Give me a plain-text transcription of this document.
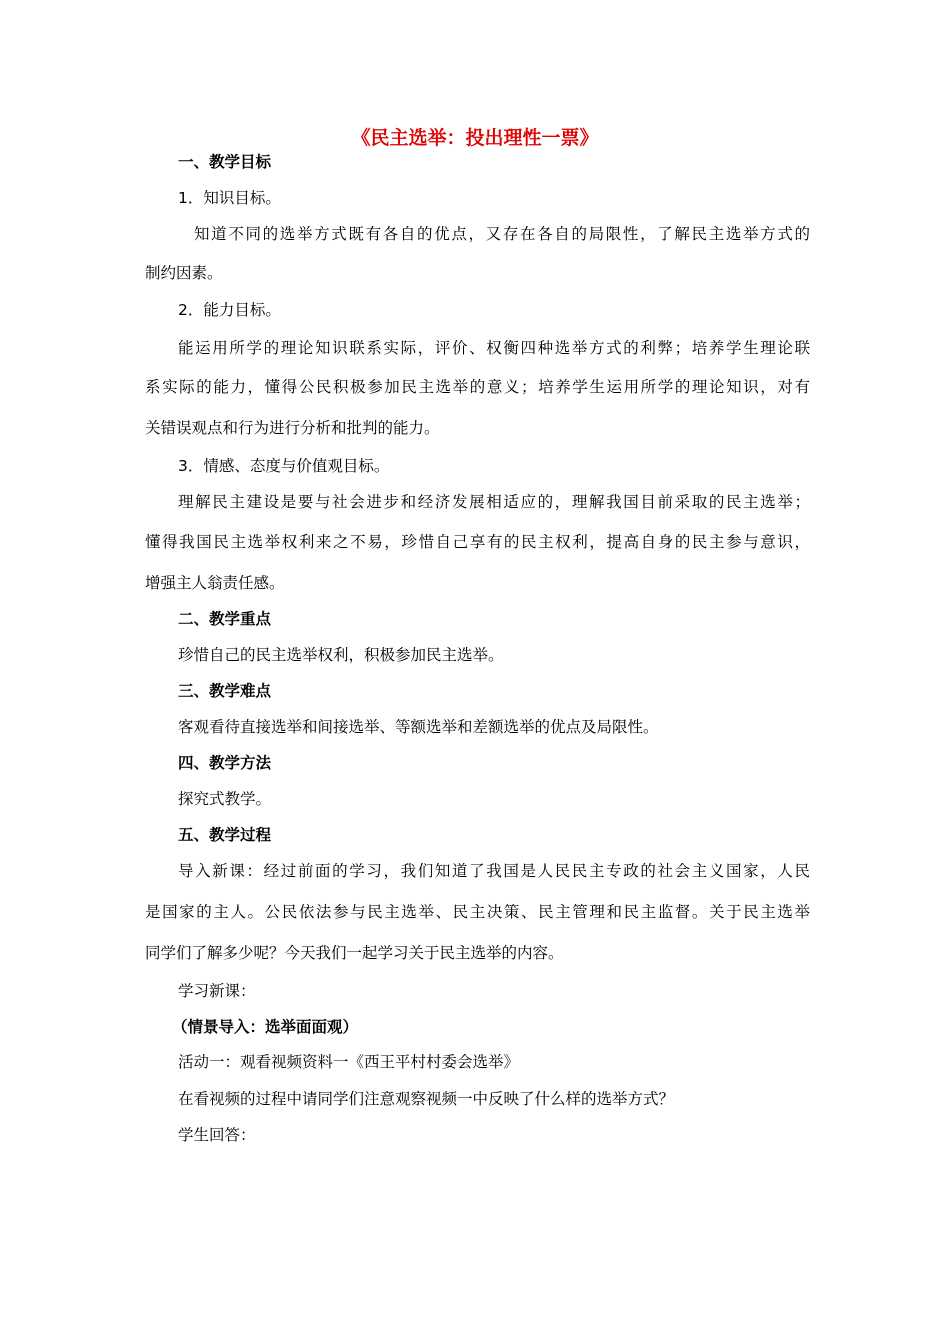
《民主选举：投出理性一票》
一、教学目标
1．知识目标。
知道不同的选举方式既有各自的优点，又存在各自的局限性，了解民主选举方式的
制约因素。
2．能力目标。
能运用所学的理论知识联系实际，评价、权衡四种选举方式的利弊；培养学生理论联
系实际的能力，懂得公民积极参加民主选举的意义；培养学生运用所学的理论知识，对有
关错误观点和行为进行分析和批判的能力。
3．情感、态度与价值观目标。
理解民主建设是要与社会进步和经济发展相适应的，理解我国目前采取的民主选举；
懂得我国民主选举权利来之不易，珍惜自己享有的民主权利，提高自身的民主参与意识，
增强主人翁责任感。
二、教学重点
珍惜自己的民主选举权利，积极参加民主选举。
三、教学难点
客观看待直接选举和间接选举、等额选举和差额选举的优点及局限性。
四、教学方法
探究式教学。
五、教学过程
导入新课：经过前面的学习，我们知道了我国是人民民主专政的社会主义国家，人民
是国家的主人。公民依法参与民主选举、民主决策、民主管理和民主监督。关于民主选举
同学们了解多少呢？今天我们一起学习关于民主选举的内容。
学习新课：
（情景导入：选举面面观）
活动一：观看视频资料一《西王平村村委会选举》
在看视频的过程中请同学们注意观察视频一中反映了什么样的选举方式？
学生回答：
